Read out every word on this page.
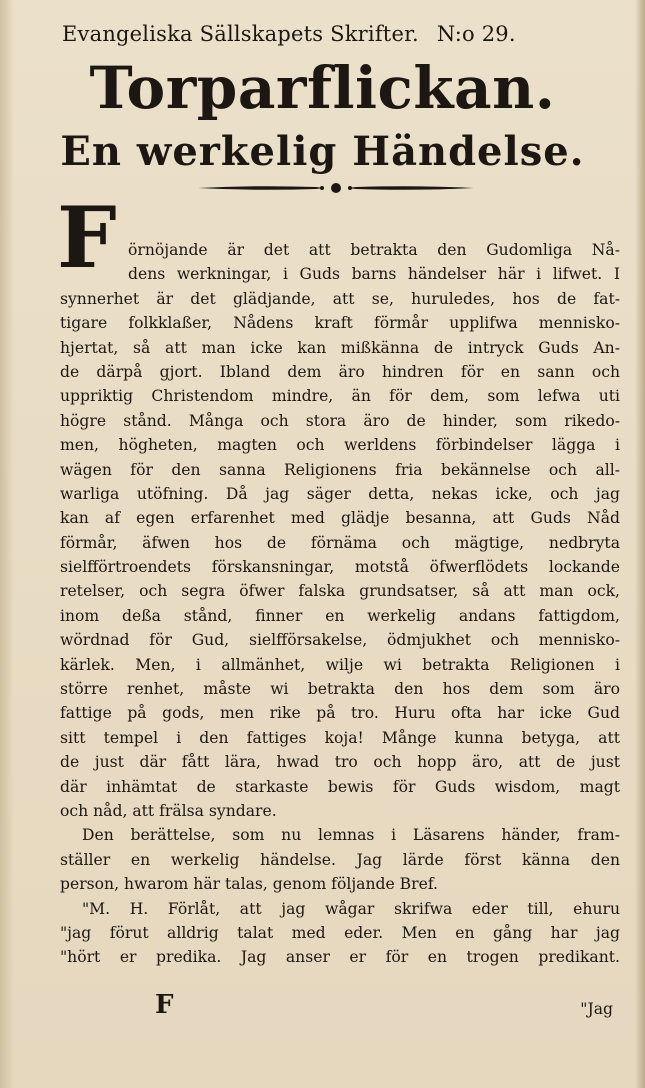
Evangeliska Sällskapets Skrifter. N:o 29.
Torparflickan.
En werkelig Händelse.
F örnöjande är det att betrakta den Gudomliga Nå-
dens werkningar, i Guds barns händelser här i lifwet. I
synnerhet är det glädjande, att se, huruledes, hos de fat-
tigare folkklaßer, Nådens kraft förmår upplifwa mennisko-
hjertat, så att man icke kan mißkänna de intryck Guds An-
de därpå gjort. Ibland dem äro hindren för en sann och
uppriktig Christendom mindre, än för dem, som lefwa uti
högre stånd. Många och stora äro de hinder, som rikedo-
men, högheten, magten och werldens förbindelser lägga i
wägen för den sanna Religionens fria bekännelse och all-
warliga utöfning. Då jag säger detta, nekas icke, och jag
kan af egen erfarenhet med glädje besanna, att Guds Nåd
förmår, äfwen hos de förnäma och mägtige, nedbryta
sielfförtroendets förskansningar, motstå öfwerflödets lockande
retelser, och segra öfwer falska grundsatser, så att man ock,
inom deßa stånd, finner en werkelig andans fattigdom,
wördnad för Gud, sielfförsakelse, ödmjukhet och mennisko-
kärlek. Men, i allmänhet, wilje wi betrakta Religionen i
större renhet, måste wi betrakta den hos dem som äro
fattige på gods, men rike på tro. Huru ofta har icke Gud
sitt tempel i den fattiges koja! Månge kunna betyga, att
de just där fått lära, hwad tro och hopp äro, att de just
där inhämtat de starkaste bewis för Guds wisdom, magt
och nåd, att frälsa syndare.
Den berättelse, som nu lemnas i Läsarens händer, fram-
ställer en werkelig händelse. Jag lärde först känna den
person, hwarom här talas, genom följande Bref.
"M. H. Förlåt, att jag wågar skrifwa eder till, ehuru
"jag förut alldrig talat med eder. Men en gång har jag
"hört er predika. Jag anser er för en trogen predikant.
F	"Jag
